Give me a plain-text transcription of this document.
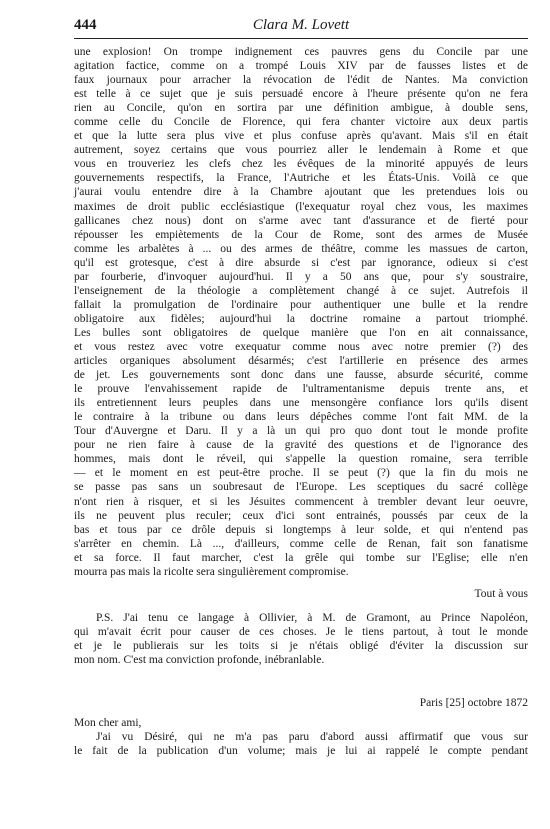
444	Clara M. Lovett
une explosion! On trompe indignement ces pauvres gens du Concile par une
agitation factice, comme on a trompé Louis XIV par de fausses listes et de
faux journaux pour arracher la révocation de l'édit de Nantes. Ma conviction
est telle à ce sujet que je suis persuadé encore à l'heure présente qu'on ne fera
rien au Concile, qu'on en sortira par une définition ambigue, à double sens,
comme celle du Concile de Florence, qui fera chanter victoire aux deux partis
et que la lutte sera plus vive et plus confuse après qu'avant. Mais s'il en était
autrement, soyez certains que vous pourriez aller le lendemain à Rome et que
vous en trouveriez les clefs chez les évêques de la minorité appuyés de leurs
gouvernements respectifs, la France, l'Autriche et les États-Unis. Voilà ce que
j'aurai voulu entendre dire à la Chambre ajoutant que les pretendues lois ou
maximes de droit public ecclésiastique (l'exequatur royal chez vous, les maximes
gallicanes chez nous) dont on s'arme avec tant d'assurance et de fierté pour
répousser les empiètements de la Cour de Rome, sont des armes de Musée
comme les arbalètes à ... ou des armes de théâtre, comme les massues de carton,
qu'il est grotesque, c'est à dire absurde si c'est par ignorance, odieux si c'est
par fourberie, d'invoquer aujourd'hui. Il y a 50 ans que, pour s'y soustraire,
l'enseignement de la théologie a complètement changé à ce sujet. Autrefois il
fallait la promulgation de l'ordinaire pour authentiquer une bulle et la rendre
obligatoire aux fidèles; aujourd'hui la doctrine romaine a partout triomphé.
Les bulles sont obligatoires de quelque manière que l'on en ait connaissance,
et vous restez avec votre exequatur comme nous avec notre premier (?) des
articles organiques absolument désarmés; c'est l'artillerie en présence des armes
de jet. Les gouvernements sont donc dans une fausse, absurde sécurité, comme
le prouve l'envahissement rapide de l'ultramentanisme depuis trente ans, et
ils entretiennent leurs peuples dans une mensongère confiance lors qu'ils disent
le contraire à la tribune ou dans leurs dépêches comme l'ont fait MM. de la
Tour d'Auvergne et Daru. Il y a là un qui pro quo dont tout le monde profite
pour ne rien faire à cause de la gravité des questions et de l'ignorance des
hommes, mais dont le réveil, qui s'appelle la question romaine, sera terrible
— et le moment en est peut-être proche. Il se peut (?) que la fin du mois ne
se passe pas sans un soubresaut de l'Europe. Les sceptiques du sacré collège
n'ont rien à risquer, et si les Jésuites commencent à trembler devant leur oeuvre,
ils ne peuvent plus reculer; ceux d'ici sont entrainés, poussés par ceux de la
bas et tous par ce drôle depuis si longtemps à leur solde, et qui n'entend pas
s'arrêter en chemin. Là ..., d'ailleurs, comme celle de Renan, fait son fanatisme
et sa force. Il faut marcher, c'est la grêle qui tombe sur l'Eglise; elle n'en
mourra pas mais la ricolte sera singulièrement compromise.
Tout à vous
P.S. J'ai tenu ce langage à Ollivier, à M. de Gramont, au Prince Napoléon,
qui m'avait écrit pour causer de ces choses. Je le tiens partout, à tout le monde
et je le publierais sur les toits si je n'étais obligé d'éviter la discussion sur
mon nom. C'est ma conviction profonde, inébranlable.
Paris [25] octobre 1872
Mon cher ami,
J'ai vu Désiré, qui ne m'a pas paru d'abord aussi affirmatif que vous sur
le fait de la publication d'un volume; mais je lui ai rappelé le compte pendant
